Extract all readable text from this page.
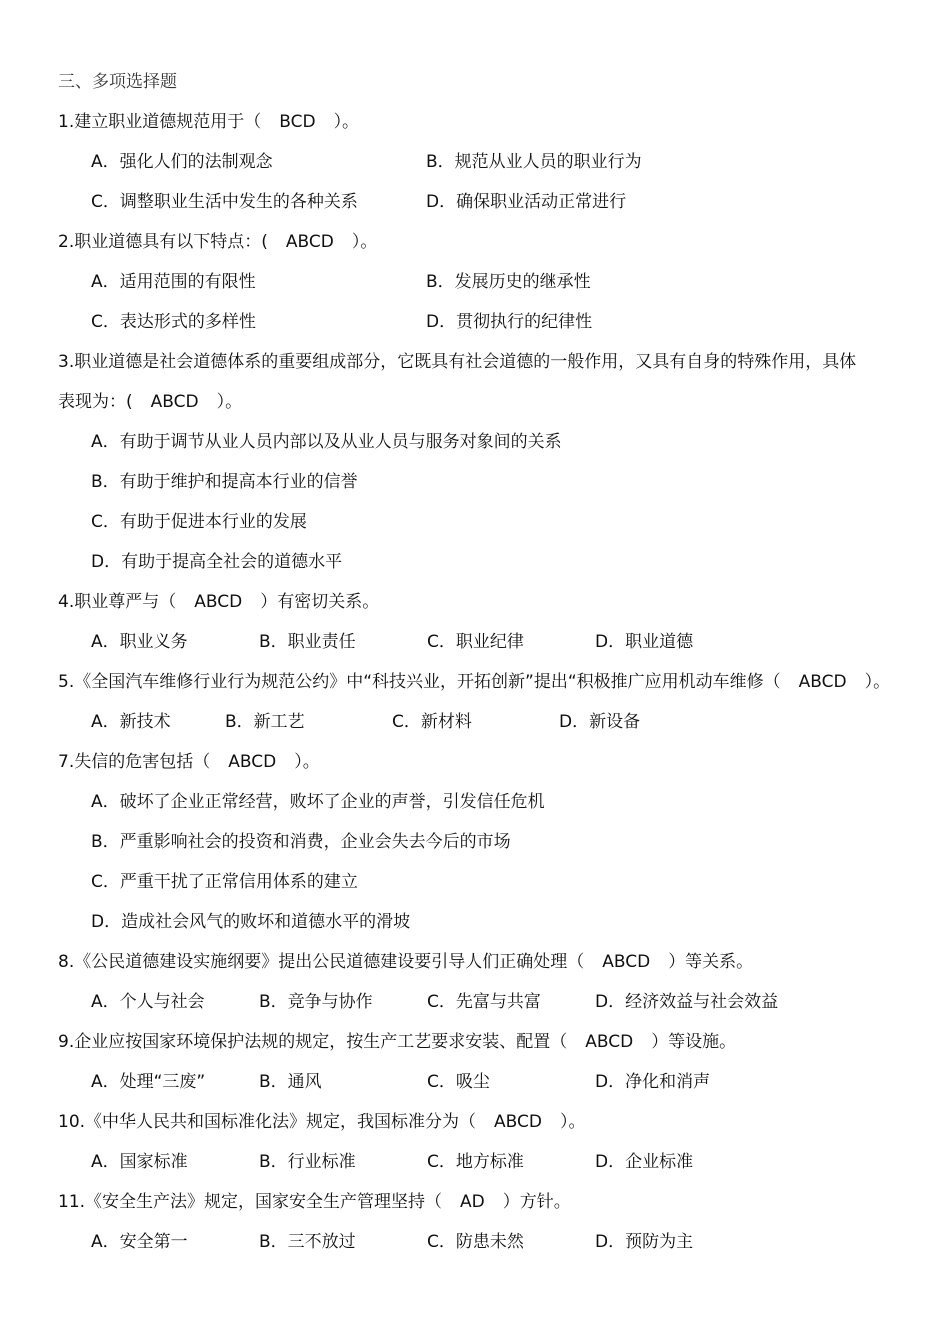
三、多项选择题
1.建立职业道德规范用于（ BCD ）。
A．强化人们的法制观念	B．规范从业人员的职业行为
C．调整职业生活中发生的各种关系	D．确保职业活动正常进行
2.职业道德具有以下特点：( ABCD ）。
A．适用范围的有限性	B．发展历史的继承性
C．表达形式的多样性	D．贯彻执行的纪律性
3.职业道德是社会道德体系的重要组成部分，它既具有社会道德的一般作用，又具有自身的特殊作用，具体
表现为：( ABCD ）。
A．有助于调节从业人员内部以及从业人员与服务对象间的关系
B．有助于维护和提高本行业的信誉
C．有助于促进本行业的发展
D．有助于提高全社会的道德水平
4.职业尊严与（ ABCD ）有密切关系。
A．职业义务	B．职业责任	C．职业纪律	D．职业道德
5.《全国汽车维修行业行为规范公约》中“科技兴业，开拓创新”提出“积极推广应用机动车维修（ ABCD ）。
A．新技术	B．新工艺	C．新材料	D．新设备
7.失信的危害包括（ ABCD ）。
A．破坏了企业正常经营，败坏了企业的声誉，引发信任危机
B．严重影响社会的投资和消费，企业会失去今后的市场
C．严重干扰了正常信用体系的建立
D．造成社会风气的败坏和道德水平的滑坡
8.《公民道德建设实施纲要》提出公民道德建设要引导人们正确处理（ ABCD ）等关系。
A．个人与社会	B．竞争与协作	C．先富与共富	D．经济效益与社会效益
9.企业应按国家环境保护法规的规定，按生产工艺要求安装、配置（ ABCD ）等设施。
A．处理“三废”	B．通风	C．吸尘	D．净化和消声
10.《中华人民共和国标准化法》规定，我国标准分为（ ABCD ）。
A．国家标准	B．行业标准	C．地方标准	D．企业标准
11.《安全生产法》规定，国家安全生产管理坚持（ AD ）方针。
A．安全第一	B．三不放过	C．防患未然	D．预防为主
